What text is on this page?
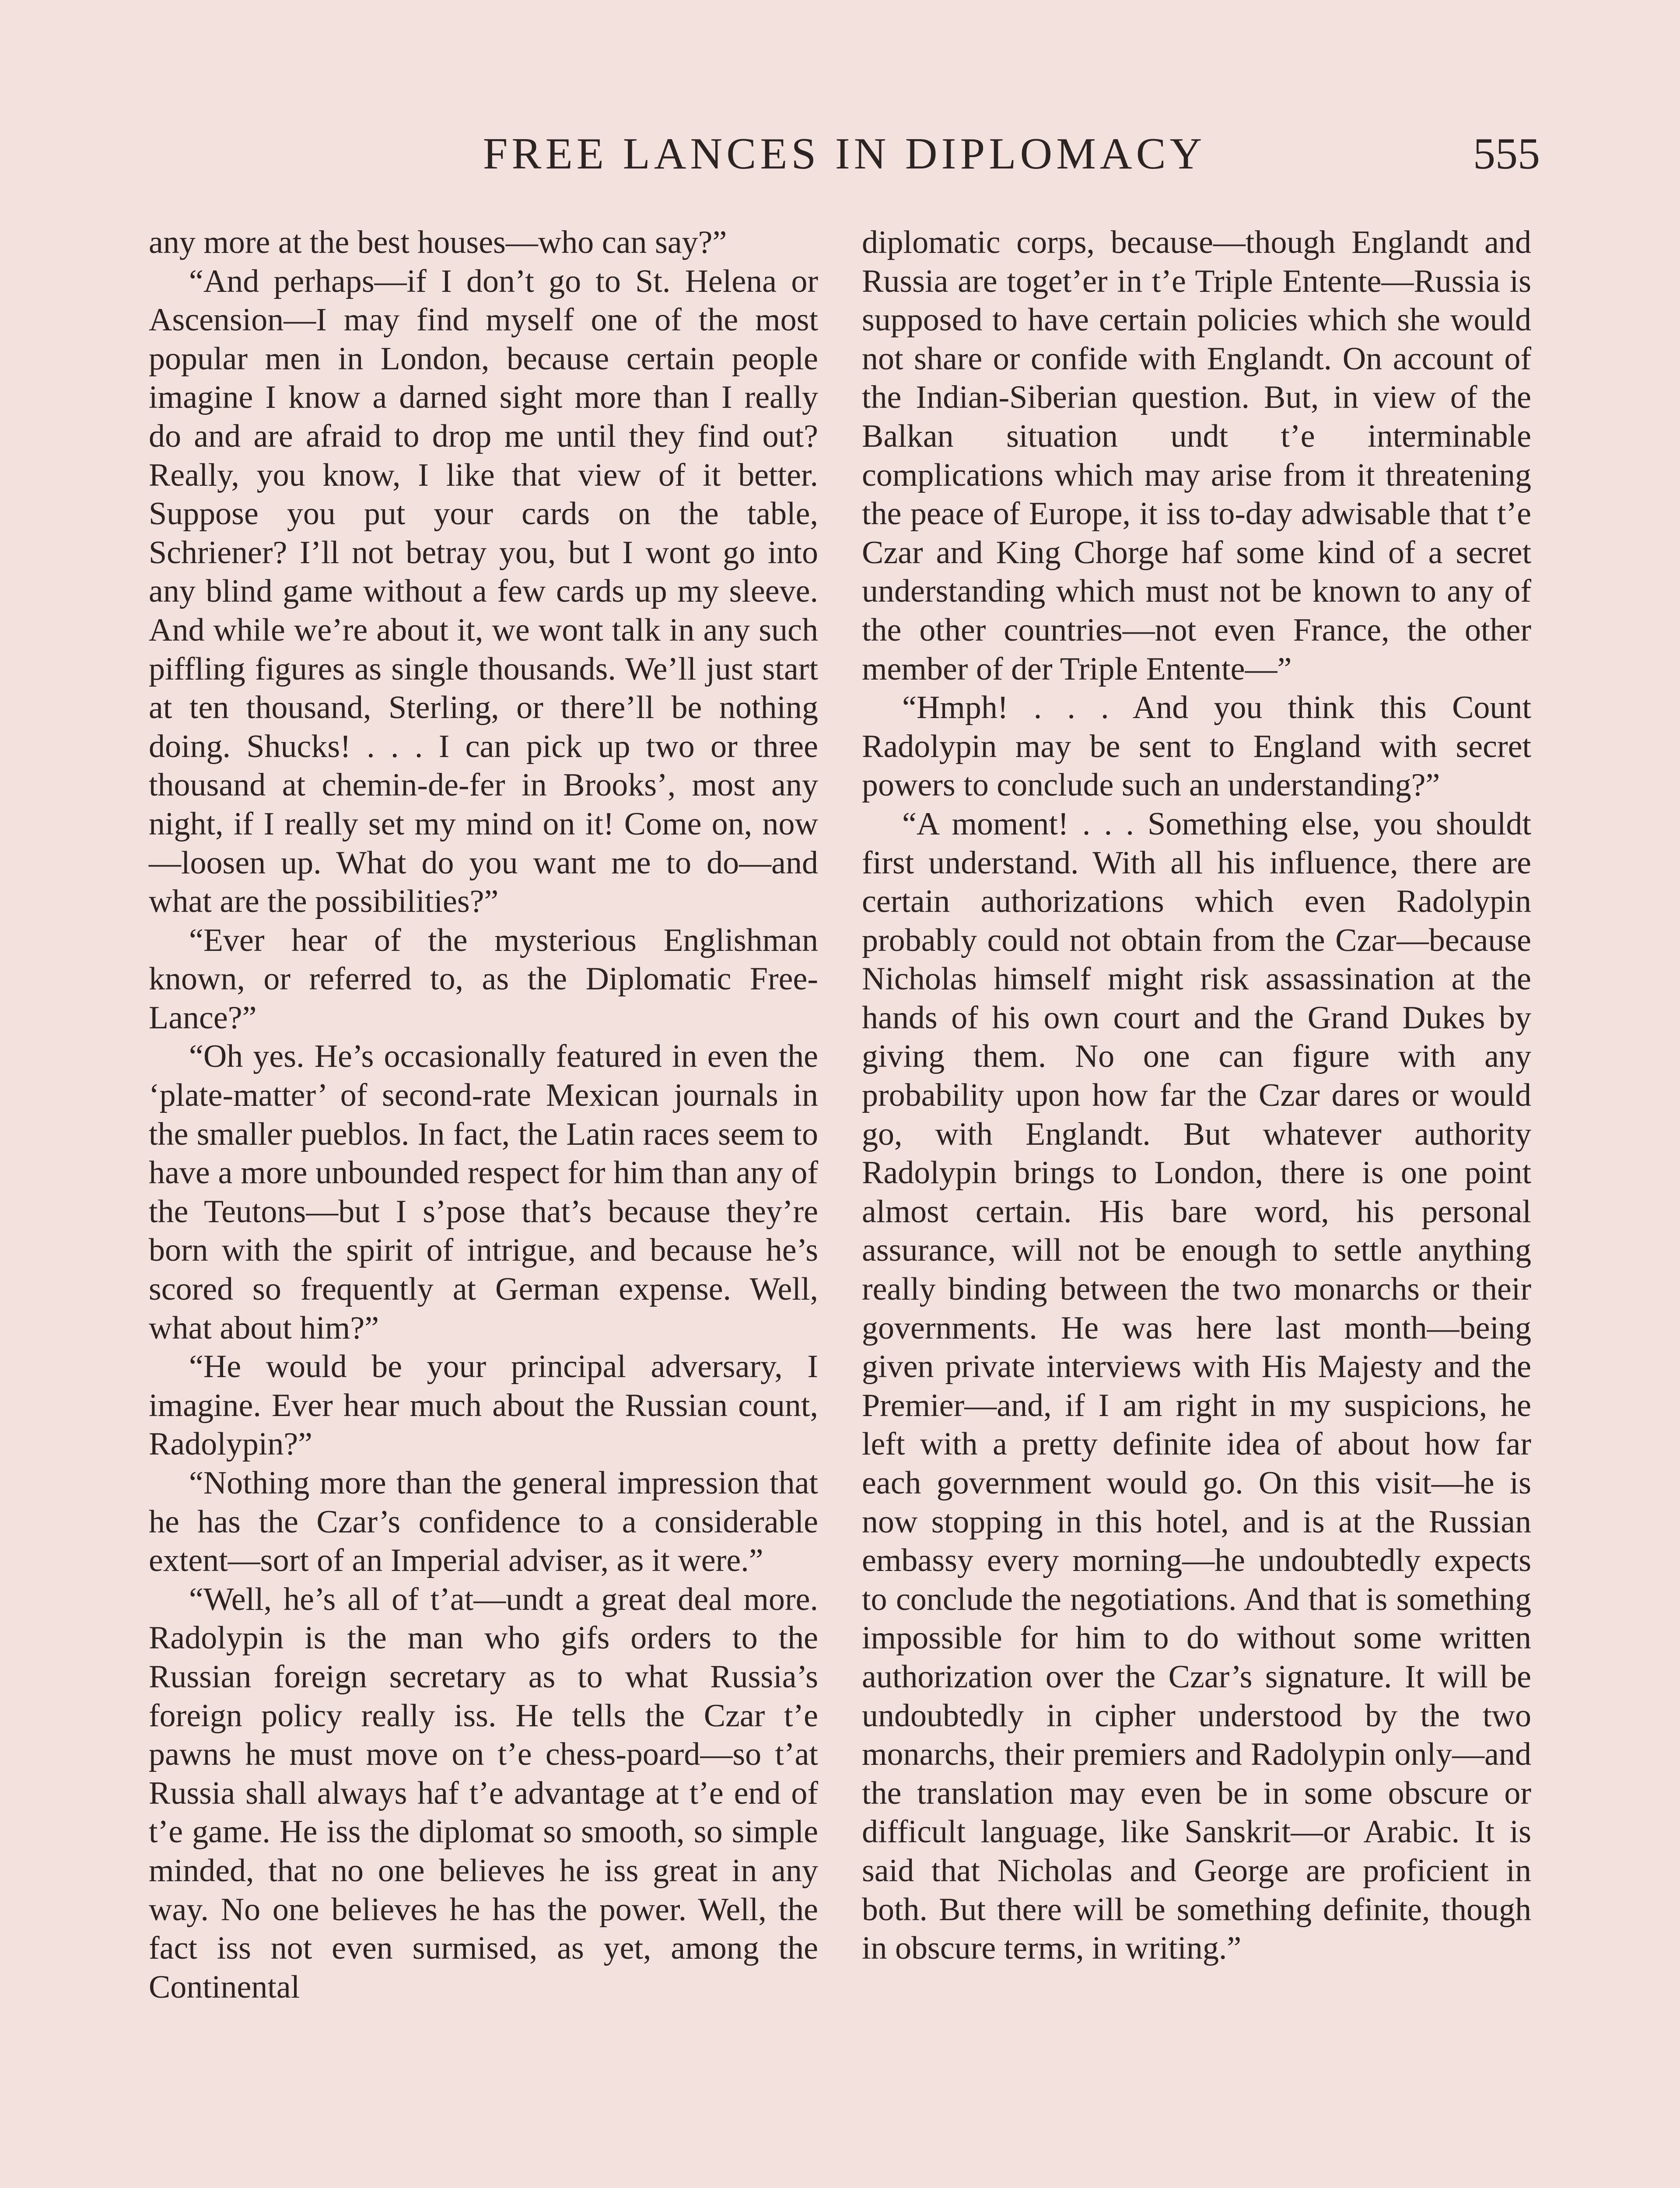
FREE LANCES IN DIPLOMACY	555

any more at the best houses—who can say?”

“And perhaps—if I don’t go to St. Helena or Ascension—I may find myself one of the most popular men in London, because certain people imagine I know a darned sight more than I really do and are afraid to drop me until they find out? Really, you know, I like that view of it better. Suppose you put your cards on the table, Schriener? I’ll not betray you, but I wont go into any blind game without a few cards up my sleeve. And while we’re about it, we wont talk in any such piffling figures as single thousands. We’ll just start at ten thousand, Sterling, or there’ll be nothing doing. Shucks! . . . I can pick up two or three thousand at chemin-de-fer in Brooks’, most any night, if I really set my mind on it! Come on, now—loosen up. What do you want me to do—and what are the possibilities?”

“Ever hear of the mysterious Englishman known, or referred to, as the Diplomatic Free-Lance?”

“Oh yes. He’s occasionally featured in even the ‘plate-matter’ of second-rate Mexican journals in the smaller pueblos. In fact, the Latin races seem to have a more unbounded respect for him than any of the Teutons—but I s’pose that’s because they’re born with the spirit of intrigue, and because he’s scored so frequently at German expense. Well, what about him?”

“He would be your principal adversary, I imagine. Ever hear much about the Russian count, Radolypin?”

“Nothing more than the general impression that he has the Czar’s confidence to a considerable extent—sort of an Imperial adviser, as it were.”

“Well, he’s all of t’at—undt a great deal more. Radolypin is the man who gifs orders to the Russian foreign secretary as to what Russia’s foreign policy really iss. He tells the Czar t’e pawns he must move on t’e chess-poard—so t’at Russia shall always haf t’e advantage at t’e end of t’e game. He iss the diplomat so smooth, so simple minded, that no one believes he iss great in any way. No one believes he has the power. Well, the fact iss not even surmised, as yet, among the Continental

diplomatic corps, because—though Englandt and Russia are toget’er in t’e Triple Entente—Russia is supposed to have certain policies which she would not share or confide with Englandt. On account of the Indian-Siberian question. But, in view of the Balkan situation undt t’e interminable complications which may arise from it threatening the peace of Europe, it iss to-day adwisable that t’e Czar and King Chorge haf some kind of a secret understanding which must not be known to any of the other countries—not even France, the other member of der Triple Entente—”

“Hmph! . . . And you think this Count Radolypin may be sent to England with secret powers to conclude such an understanding?”

“A moment! . . . Something else, you shouldt first understand. With all his influence, there are certain authorizations which even Radolypin probably could not obtain from the Czar—because Nicholas himself might risk assassination at the hands of his own court and the Grand Dukes by giving them. No one can figure with any probability upon how far the Czar dares or would go, with Englandt. But whatever authority Radolypin brings to London, there is one point almost certain. His bare word, his personal assurance, will not be enough to settle anything really binding between the two monarchs or their governments. He was here last month—being given private interviews with His Majesty and the Premier—and, if I am right in my suspicions, he left with a pretty definite idea of about how far each government would go. On this visit—he is now stopping in this hotel, and is at the Russian embassy every morning—he undoubtedly expects to conclude the negotiations. And that is something impossible for him to do without some written authorization over the Czar’s signature. It will be undoubtedly in cipher understood by the two monarchs, their premiers and Radolypin only—and the translation may even be in some obscure or difficult language, like Sanskrit—or Arabic. It is said that Nicholas and George are proficient in both. But there will be something definite, though in obscure terms, in writing.”
